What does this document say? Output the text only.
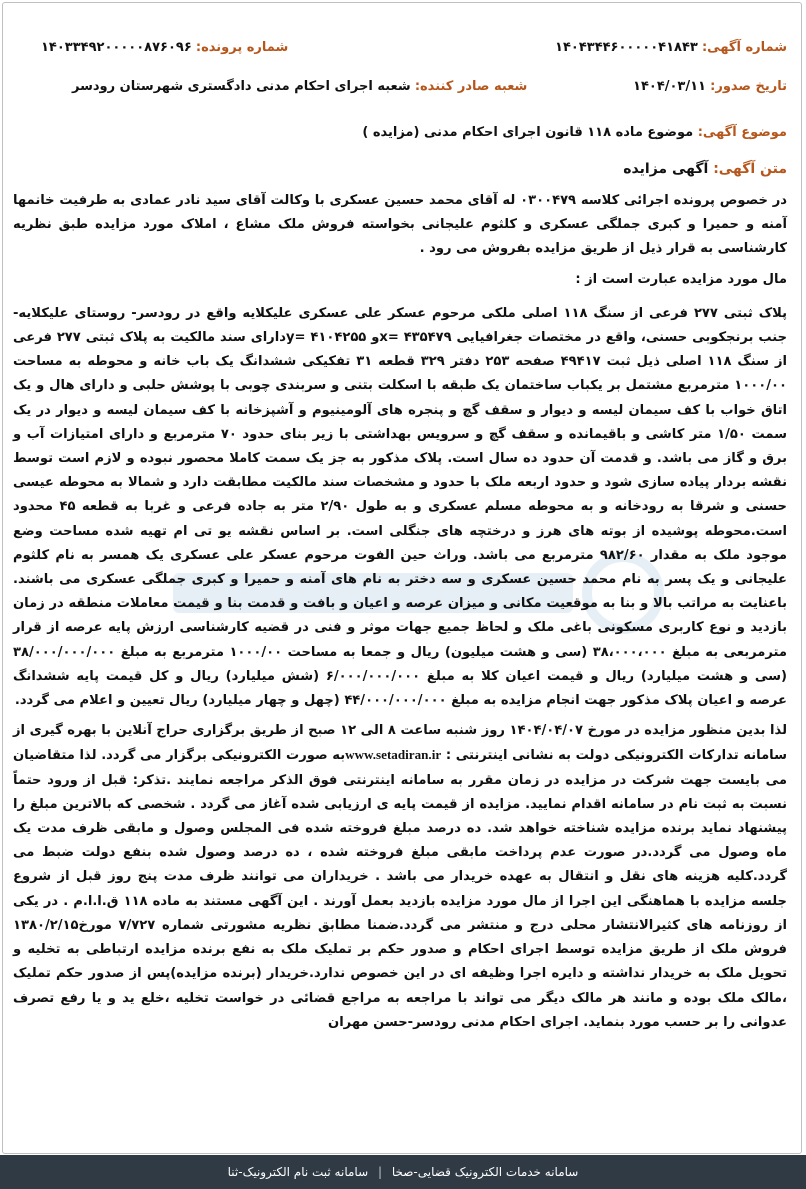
شماره آگهی: ۱۴۰۴۳۴۴۶۰۰۰۰۰۴۱۸۴۳
شماره پرونده: ۱۴۰۳۳۴۹۲۰۰۰۰۰۸۷۶۰۹۶
تاریخ صدور: ۱۴۰۴/۰۳/۱۱
شعبه صادر کننده: شعبه اجرای احکام مدنی دادگستری شهرستان رودسر
موضوع آگهی: موضوع ماده ۱۱۸ قانون اجرای احکام مدنی (مزایده )
متن آگهی: آگهی مزایده

در خصوص پرونده اجرائی کلاسه ۰۳۰۰۴۷۹ له آقای محمد حسین عسکری با وکالت آقای سید نادر عمادی به طرفیت خانمها آمنه و حمیرا و کبری جملگی عسکری و کلثوم علیجانی بخواسته فروش ملک مشاع ، املاک مورد مزایده طبق نظریه کارشناسی به قرار ذیل از طریق مزایده بفروش می رود .

مال مورد مزایده عبارت است از :

پلاک ثبتی ۲۷۷ فرعی از سنگ ۱۱۸ اصلی ملکی مرحوم عسکر علی عسکری علیکلایه واقع در رودسر- روستای علیکلایه- جنب برنجکوبی حسنی، واقع در مختصات جغرافیایی ۴۳۵۴۷۹ =xو ۴۱۰۴۲۵۵ =yدارای سند مالکیت به پلاک ثبتی ۲۷۷ فرعی از سنگ ۱۱۸ اصلی ذیل ثبت ۴۹۴۱۷ صفحه ۲۵۳ دفتر ۳۲۹ قطعه ۳۱ تفکیکی ششدانگ یک باب خانه و محوطه به مساحت ۱۰۰۰/۰۰ مترمربع مشتمل بر یکباب ساختمان یک طبقه با اسکلت بتنی و سربندی چوبی با پوشش حلبی و دارای هال و یک اتاق خواب با کف سیمان لیسه و دیوار و سقف گچ و پنجره های آلومینیوم و آشپزخانه با کف سیمان لیسه و دیوار در یک سمت ۱/۵۰ متر کاشی و باقیمانده و سقف گچ و سرویس بهداشتی با زیر بنای حدود ۷۰ مترمربع و دارای امتیازات آب و برق و گاز می باشد. و قدمت آن حدود ده سال است. پلاک مذکور به جز یک سمت کاملا محصور نبوده و لازم است توسط نقشه بردار پیاده سازی شود و حدود اربعه ملک با حدود و مشخصات سند مالکیت مطابقت دارد و شمالا به محوطه عیسی حسنی و شرقا به رودخانه و به محوطه مسلم عسکری و به طول ۲/۹۰ متر به جاده فرعی و غربا به قطعه ۴۵ محدود است.محوطه پوشیده از بوته های هرز و درختچه های جنگلی است. بر اساس نقشه یو تی ام تهیه شده مساحت وضع موجود ملک به مقدار ۹۸۲/۶۰ مترمربع می باشد. وراث حین الفوت مرحوم عسکر علی عسکری یک همسر به نام کلثوم علیجانی و یک پسر به نام محمد حسین عسکری و سه دختر به نام های آمنه و حمیرا و کبری جملگی عسکری می باشند. باعنایت به مراتب بالا و بنا به موقعیت مکانی و میزان عرصه و اعیان و بافت و قدمت بنا و قیمت معاملات منطقه در زمان بازدید و نوع کاربری مسکونی باغی ملک و لحاظ جمیع جهات موثر و فنی در قضیه کارشناسی ارزش پایه عرصه از قرار مترمربعی به مبلغ ۳۸،۰۰۰،۰۰۰ (سی و هشت میلیون) ریال و جمعا به مساحت ۱۰۰۰/۰۰ مترمربع به مبلغ ۳۸/۰۰۰/۰۰۰/۰۰۰ (سی و هشت میلیارد) ریال و قیمت اعیان کلا به مبلغ ۶/۰۰۰/۰۰۰/۰۰۰ (شش میلیارد) ریال و کل قیمت پایه ششدانگ عرصه و اعیان پلاک مذکور جهت انجام مزایده به مبلغ ۴۴/۰۰۰/۰۰۰/۰۰۰ (چهل و چهار میلیارد) ریال تعیین و اعلام می گردد.

لذا بدین منظور مزایده در مورخ ۱۴۰۴/۰۴/۰۷ روز شنبه ساعت ۸ الی ۱۲ صبح از طریق برگزاری حراج آنلاین با بهره گیری از سامانه تدارکات الکترونیکی دولت به نشانی اینترنتی : www.setadiran.irبه صورت الکترونیکی برگزار می گردد. لذا متقاضیان می بایست جهت شرکت در مزایده در زمان مقرر به سامانه اینترنتی فوق الذکر مراجعه نمایند .تذکر: قبل از ورود حتماً نسبت به ثبت نام در سامانه اقدام نمایید. مزایده از قیمت پایه ی ارزیابی شده آغاز می گردد . شخصی که بالاترین مبلغ را پیشنهاد نماید برنده مزایده شناخته خواهد شد. ده درصد مبلغ فروخته شده فی المجلس وصول و مابقی ظرف مدت یک ماه وصول می گردد.در صورت عدم پرداخت مابقی مبلغ فروخته شده ، ده درصد وصول شده بنفع دولت ضبط می گردد.کلیه هزینه های نقل و انتقال به عهده خریدار می باشد . خریداران می توانند ظرف مدت پنج روز قبل از شروع جلسه مزایده با هماهنگی این اجرا از مال مورد مزایده بازدید بعمل آورند . این آگهی مستند به ماده ۱۱۸ ق.ا.ا.م . در یکی از روزنامه های کثیرالانتشار محلی درج و منتشر می گردد.ضمنا مطابق نظریه مشورتی شماره ۷/۷۲۷ مورخ۱۳۸۰/۲/۱۵ فروش ملک از طریق مزایده توسط اجرای احکام و صدور حکم بر تملیک ملک به نفع برنده مزایده ارتباطی به تخلیه و تحویل ملک به خریدار نداشته و دایره اجرا وظیفه ای در این خصوص ندارد.خریدار (برنده مزایده)پس از صدور حکم تملیک ،مالک ملک بوده و مانند هر مالک دیگر می تواند با مراجعه به مراجع قضائی در خواست تخلیه ،خلع ید و یا رفع تصرف عدوانی را بر حسب مورد بنماید. اجرای احکام مدنی رودسر-حسن مهران

سامانه خدمات الکترونیک قضایی-صخا | سامانه ثبت نام الکترونیک-ثنا
